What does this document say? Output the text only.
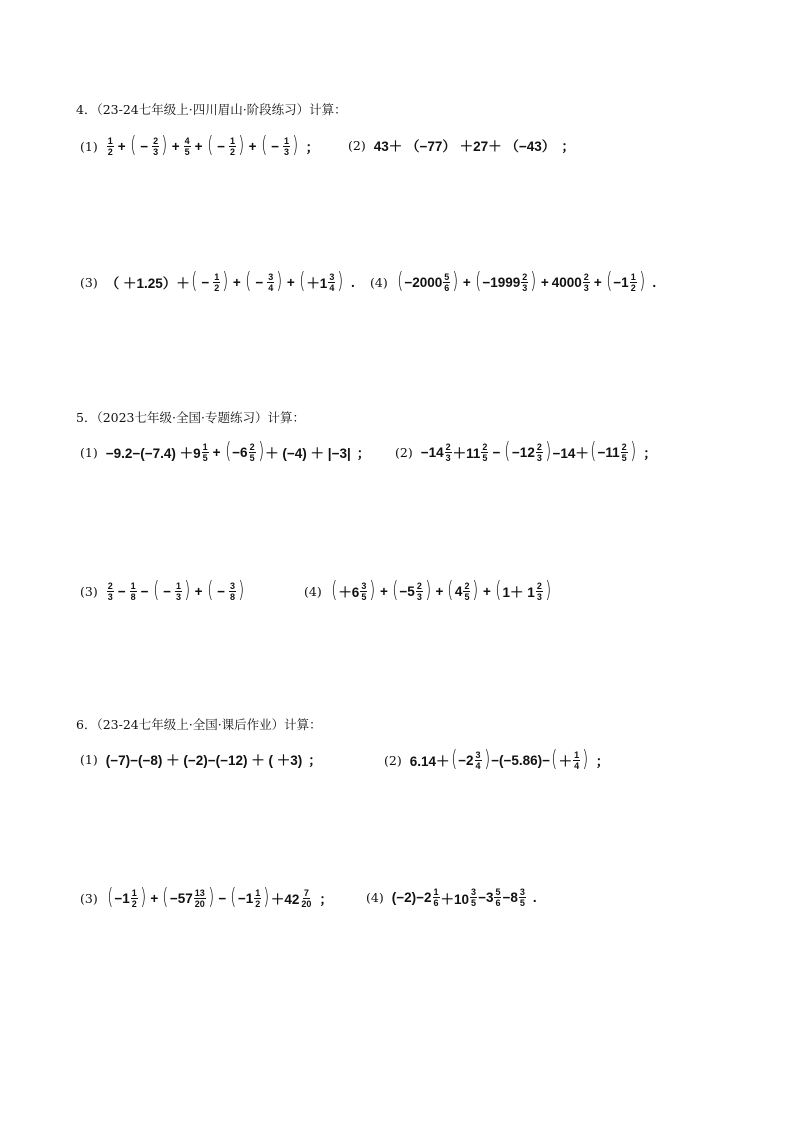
4．（23-24七年级上·四川眉山·阶段练习）计算：
$(1) \frac{1}{2}$ + ( − $\frac{2}{3}$ ) + $\frac{4}{5}$ + ( − $\frac{1}{2}$ ) + ( − $\frac{1}{3}$ ) ； (2) 43＋ （−77） ＋27＋ （−43） ；
(3) （ ＋1.25）＋ ( − $\frac{1}{2}$ ) + ( − $\frac{3}{4}$ ) + ( $+1 \frac{3}{4}$ ) . (4) ( $-2000 \frac{5}{6}$ ) + ( $-1999 \frac{2}{3}$ ) + $4000 \frac{2}{3}$ + ( $-1 \frac{1}{2}$ ) .
5．（2023七年级·全国·专题练习）计算：
$(1) -9.2-(-7.4) +9 \frac{1}{5}$ + ( $-6 \frac{2}{5}$ ) ＋ (−4) ＋ |−3| ； $(2) -14 \frac{2}{3} +11 \frac{2}{5}$ − ( $-12 \frac{2}{3}$ ) −14＋ ( $-11 \frac{2}{5}$ ) ；
$(3) \frac{2}{3} - \frac{1}{8}$ − ( − $\frac{1}{3}$ ) + ( − $\frac{3}{8}$ )	(4) ( $+6 \frac{3}{5}$ ) + ( $-5 \frac{2}{3}$ ) + ( $4 \frac{2}{5}$ ) + ( $1+ 1 \frac{2}{3}$ )
6．（23-24七年级上·全国·课后作业）计算：
(1) (−7)−(−8) ＋ (−2)−(−12) ＋ ( ＋3) ；	(2) 6.14＋ ( $-2 \frac{3}{4}$ ) −(−5.86)− ( ＋ $\frac{1}{4}$ ) ；
(3) ( $-1 \frac{1}{2}$ ) + ( $-57 \frac{13}{20}$ ) − ( $-1 \frac{1}{2}$ ) $+42 \frac{7}{20}$ ；	(4) $(-2)-2 \frac{1}{6} +10 \frac{3}{5} -3 \frac{5}{6} -8 \frac{3}{5}$ .
